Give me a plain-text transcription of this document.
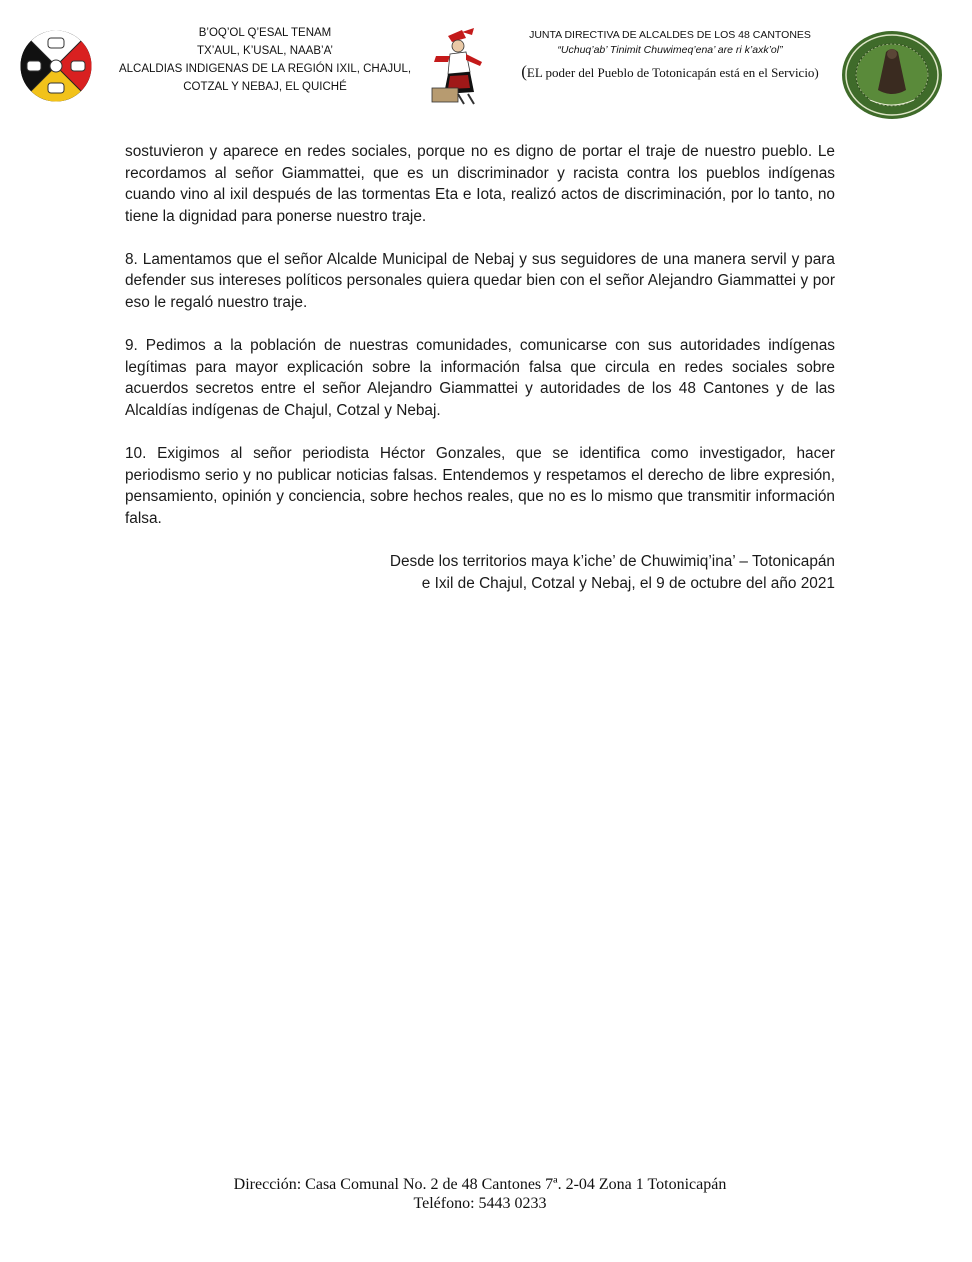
B’OQ’OL Q’ESAL TENAM
TX’AUL, K’USAL, NAAB’A’
ALCALDIAS INDIGENAS DE LA REGIÓN IXIL, CHAJUL,
COTZAL Y NEBAJ, EL QUICHÉ
JUNTA DIRECTIVA DE ALCALDES DE LOS 48 CANTONES
“Uchuq’ab’ Tinimit Chuwimeq’ena’ are ri k’axk’ol”
(EL poder del Pueblo de Totonicapán está en el Servicio)

sostuvieron y aparece en redes sociales, porque no es digno de portar el traje de nuestro pueblo. Le recordamos al señor Giammattei, que es un discriminador y racista contra los pueblos indígenas cuando vino al ixil después de las tormentas Eta e Iota, realizó actos de discriminación, por lo tanto, no tiene la dignidad para ponerse nuestro traje.

8. Lamentamos que el señor Alcalde Municipal de Nebaj y sus seguidores de una manera servil y para defender sus intereses políticos personales quiera quedar bien con el señor Alejandro Giammattei y por eso le regaló nuestro traje.

9. Pedimos a la población de nuestras comunidades, comunicarse con sus autoridades indígenas legítimas para mayor explicación sobre la información falsa que circula en redes sociales sobre acuerdos secretos entre el señor Alejandro Giammattei y autoridades de los 48 Cantones y de las Alcaldías indígenas de Chajul, Cotzal y Nebaj.

10. Exigimos al señor periodista Héctor Gonzales, que se identifica como investigador, hacer periodismo serio y no publicar noticias falsas. Entendemos y respetamos el derecho de libre expresión, pensamiento, opinión y conciencia, sobre hechos reales, que no es lo mismo que transmitir información falsa.

Desde los territorios maya k’iche’ de Chuwimiq’ina’ – Totonicapán
e Ixil de Chajul, Cotzal y Nebaj, el 9 de octubre del año 2021
Dirección: Casa Comunal No. 2 de 48 Cantones 7ª. 2-04 Zona 1 Totonicapán
Teléfono: 5443 0233
